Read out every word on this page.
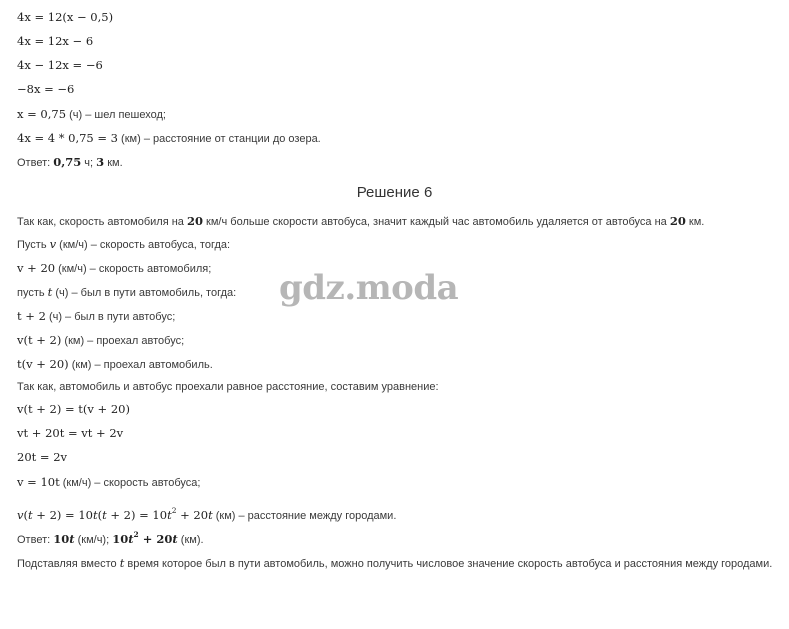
4x = 12(x − 0,5)
4x = 12x − 6
4x − 12x = −6
−8x = −6
x = 0,75 (ч) – шел пешеход;
4x = 4 * 0,75 = 3 (км) – расстояние от станции до озера.
Ответ: 0,75 ч; 3 км.
Решение 6
Так как, скорость автомобиля на 20 км/ч больше скорости автобуса, значит каждый час автомобиль удаляется от автобуса на 20 км.
Пусть v (км/ч) – скорость автобуса, тогда:
v + 20 (км/ч) – скорость автомобиля;
пусть t (ч) – был в пути автомобиль, тогда:
t + 2 (ч) – был в пути автобус;
v(t + 2) (км) – проехал автобус;
t(v + 20) (км) – проехал автомобиль.
Так как, автомобиль и автобус проехали равное расстояние, составим уравнение:
v(t + 2) = t(v + 20)
vt + 20t = vt + 2v
20t = 2v
v = 10t (км/ч) – скорость автобуса;
$v(t + 2) = 10t(t + 2) = 10t^2 + 20t$ (км) – расстояние между городами.
Ответ: 10t (км/ч); $10t^2 + 20t$ (км).
Подставляя вместо t время которое был в пути автомобиль, можно получить числовое значение скорость автобуса и расстояния между городами.
gdz.moda
